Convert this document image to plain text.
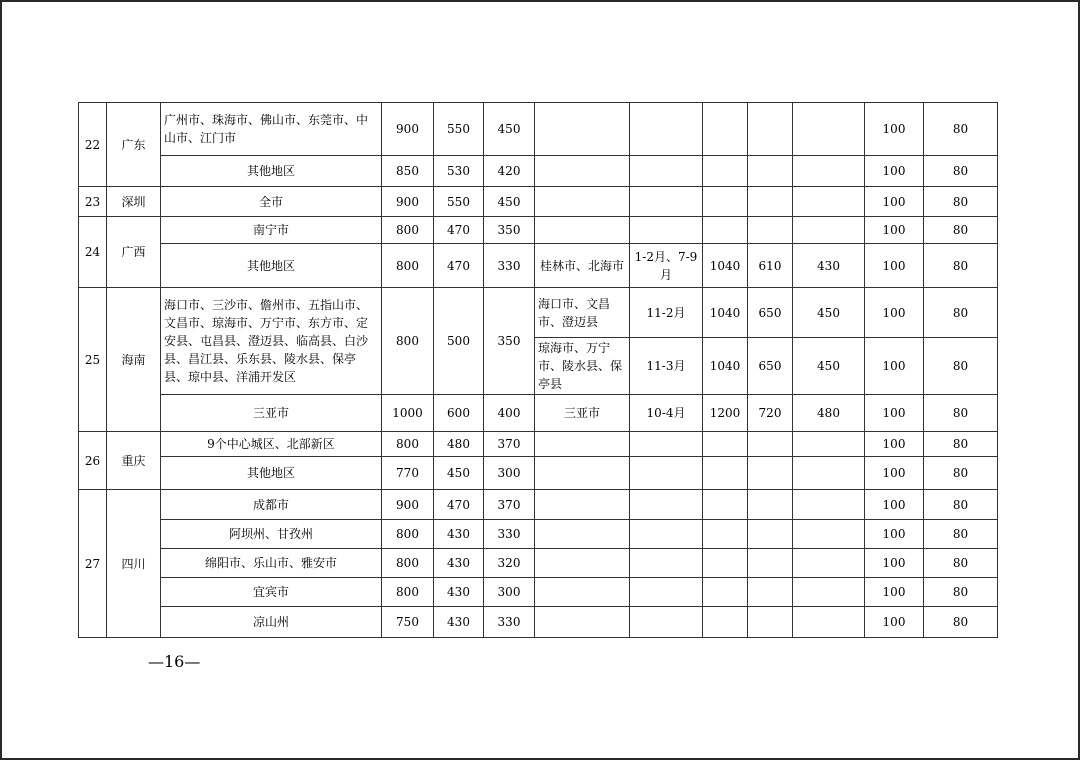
22	广东	广州市、珠海市、佛山市、东莞市、中山市、江门市	900	550	450						100	80
		其他地区	850	530	420						100	80
23	深圳	全市	900	550	450						100	80
24	广西	南宁市	800	470	350						100	80
		其他地区	800	470	330	桂林市、北海市	1-2月、7-9月	1040	610	430	100	80
25	海南	海口市、三沙市、儋州市、五指山市、文昌市、琼海市、万宁市、东方市、定安县、屯昌县、澄迈县、临高县、白沙县、昌江县、乐东县、陵水县、保亭县、琼中县、洋浦开发区	800	500	350	海口市、文昌市、澄迈县	11-2月	1040	650	450	100	80
						琼海市、万宁市、陵水县、保亭县	11-3月	1040	650	450	100	80
		三亚市	1000	600	400	三亚市	10-4月	1200	720	480	100	80
26	重庆	9个中心城区、北部新区	800	480	370						100	80
		其他地区	770	450	300						100	80
27	四川	成都市	900	470	370						100	80
		阿坝州、甘孜州	800	430	330						100	80
		绵阳市、乐山市、雅安市	800	430	320						100	80
		宜宾市	800	430	300						100	80
		凉山州	750	430	330						100	80
—16—
